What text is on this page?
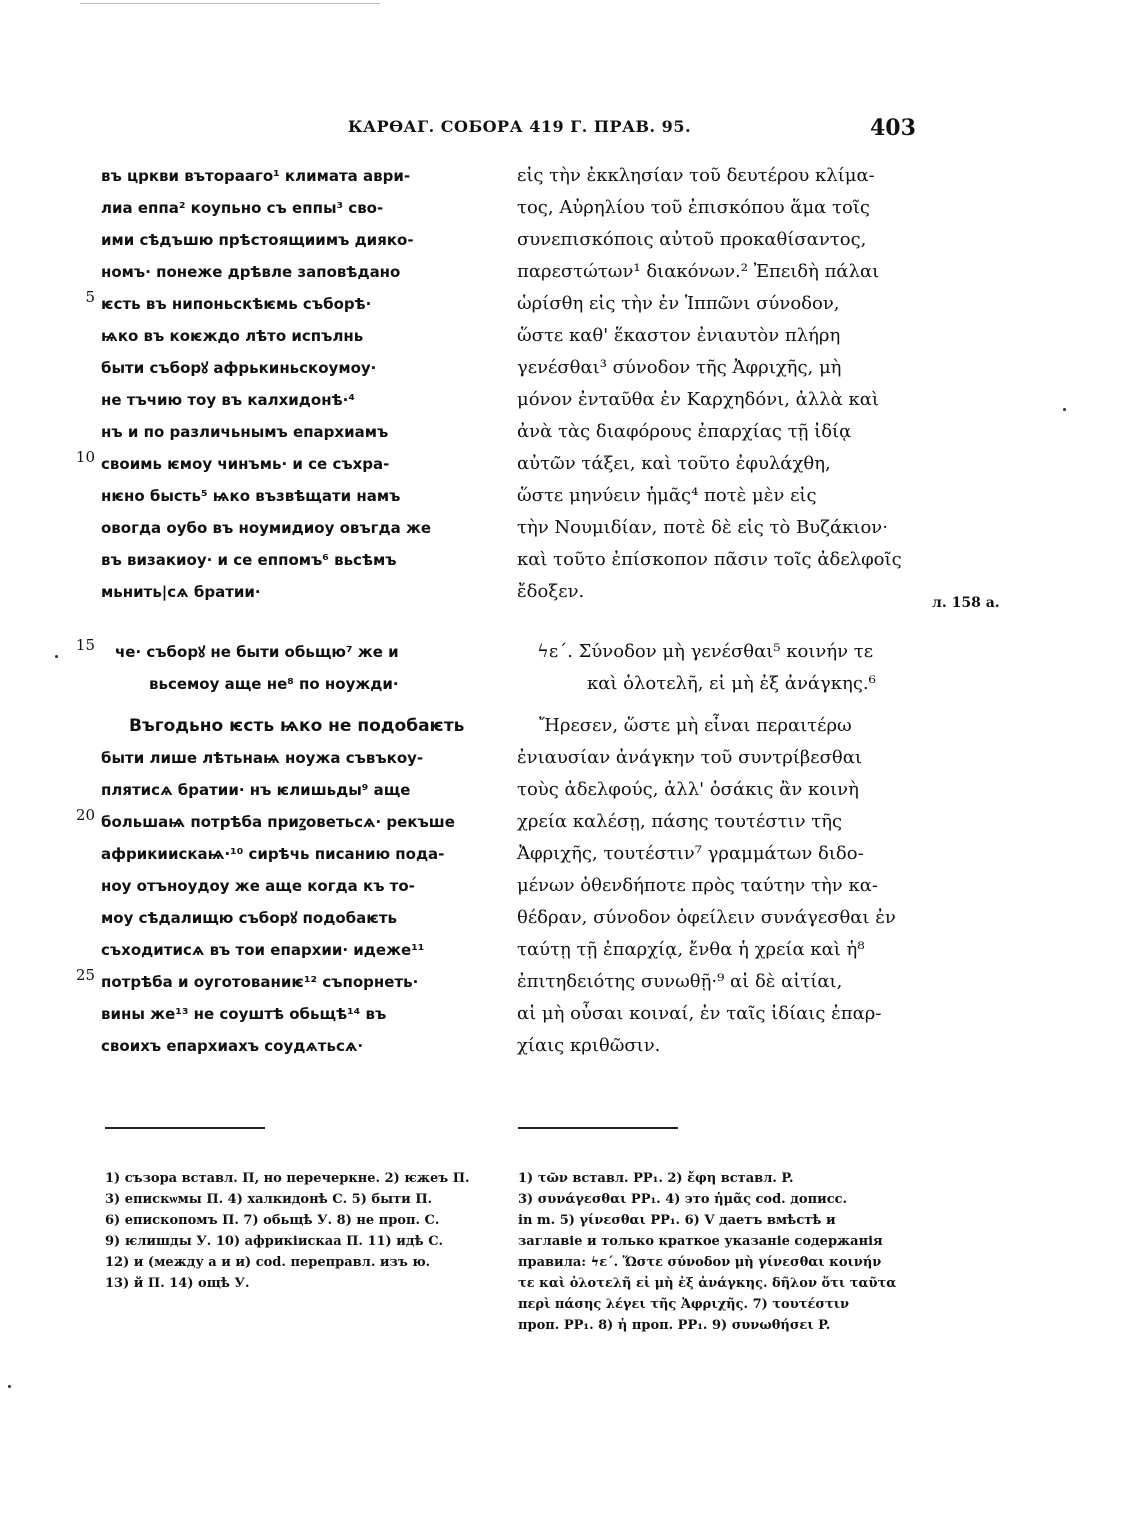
КАРѲАГ. СОБОРА 419 Г. ПРАВ. 95.	403
въ цркви въторааго¹ климата аври-
лиа еппа² коупьно съ еппы³ сво-
ими сѣдъшю прѣстоящиимъ дияко-
номъ· понеже дрѣвле заповѣдано
5 ѥсть въ нипоньскѣѥмь съборѣ·
ѩко въ коѥждо лѣто испълнь
быти съборꙋ афрькиньскоумоу·
не тъчию тоу въ калхидонѣ·⁴
нъ и по различьнымъ епархиамъ
10 своимь ѥмоу чинъмь· и се съхра-
нѥно бысть⁵ ѩко възвѣщати намъ
овогда оубо въ ноумидиоу овъгда же
въ визакиоу· и се еппомъ⁶ вьсѣмъ
мьнить|сѧ братии·
15	че· съборꙋ не быти обьщю⁷ же и
вьсемоу аще не⁸ по ноужди·
Въгодьно ѥсть ѩко не подобаѥть
быти лише лѣтьнаѩ ноужа съвъкоу-
плятисѧ братии· нъ ѥлишьды⁹ аще
20 большаѩ потрѣба приꙁоветьсѧ· рекъше
африкиискаѩ·¹⁰ сирѣчь писанию пода-
ноу отъноудоу же аще когда къ то-
моу сѣдалищю съборꙋ подобаѥть
съходитисѧ въ тои епархии· идеже¹¹
25 потрѣба и оуготованиѥ¹² съпорнеть·
вины же¹³ не соуштѣ обьщѣ¹⁴ въ
своихъ епархиахъ соудѧтьсѧ·
εἰς τὴν ἐκκλησίαν τοῦ δευτέρου κλίμα-
τος, Αὐρηλίου τοῦ ἐπισκόπου ἅμα τοῖς
συνεπισκόποις αὐτοῦ προκαθίσαντος,
παρεστώτων¹ διακόνων.² Ἐπειδὴ πάλαι
ὡρίσθη εἰς τὴν ἐν Ἱππῶνι σύνοδον,
ὥστε καθ' ἕκαστον ἐνιαυτὸν πλήρη
γενέσθαι³ σύνοδον τῆς Ἀφριχῆς, μὴ
μόνον ἐνταῦθα ἐν Καρχηδόνι, ἀλλὰ καὶ
ἀνὰ τὰς διαφόρους ἐπαρχίας τῇ ἰδίᾳ
αὐτῶν τάξει, καὶ τοῦτο ἐφυλάχθη,
ὥστε μηνύειν ἡμᾶς⁴ ποτὲ μὲν εἰς
τὴν Νουμιδίαν, ποτὲ δὲ εἰς τὸ Βυζάκιον·
καὶ τοῦτο ἐπίσκοπον πᾶσιν τοῖς ἀδελφοῖς
ἔδοξεν.
ϟε΄. Σύνοδον μὴ γενέσθαι⁵ κοινήν τε
καὶ ὁλοτελῆ, εἰ μὴ ἐξ ἀνάγκης.⁶
Ἤρεσεν, ὥστε μὴ εἶναι περαιτέρω
ἐνιαυσίαν ἀνάγκην τοῦ συντρίβεσθαι
τοὺς ἀδελφούς, ἀλλ' ὁσάκις ἂν κοινὴ
χρεία καλέσῃ, πάσης τουτέστιν τῆς
Ἀφριχῆς, τουτέστιν⁷ γραμμάτων διδο-
μένων ὁθενδήποτε πρὸς ταύτην τὴν κα-
θέδραν, σύνοδον ὀφείλειν συνάγεσθαι ἐν
ταύτῃ τῇ ἐπαρχίᾳ, ἔνθα ἡ χρεία καὶ ἡ⁸
ἐπιτηδειότης συνωθῇ·⁹ αἱ δὲ αἰτίαι,
αἱ μὴ οὖσαι κοιναί, ἐν ταῖς ἰδίαις ἐπαρ-
χίαις κριθῶσιν.
л. 158 а.
1) съзора вставл. П, но перечеркнe. 2) ѥжеъ П.
3) епискѡмы П. 4) халкидонѣ С. 5) быти П.
6) епископомъ П. 7) обьщѣ У. 8) не проп. С.
9) ѥлишды У. 10) африкіискаа П. 11) идѣ С.
12) и (между а и и) cod. переправл. изъ ю.
13) й П. 14) ощѣ У.
1) τῶν вставл. PP₁. 2) ἔφη вставл. P.
3) συνάγεσθαι PP₁. 4) это ἡμᾶς cod. дописс.
in m. 5) γίνεσθαι PP₁. 6) V даетъ вмѣстѣ и
заглавіе и только краткое указаніе содержанія
правила: ϟε΄. Ὥστε σύνοδον μὴ γίνεσθαι κοινήν
τε καὶ ὁλοτελῆ εἰ μὴ ἐξ ἀνάγκης. δῆλον ὅτι ταῦτα
περὶ πάσης λέγει τῆς Ἀφριχῆς. 7) τουτέστιν
проп. PP₁. 8) ἡ проп. PP₁. 9) συνωθήσει P.
